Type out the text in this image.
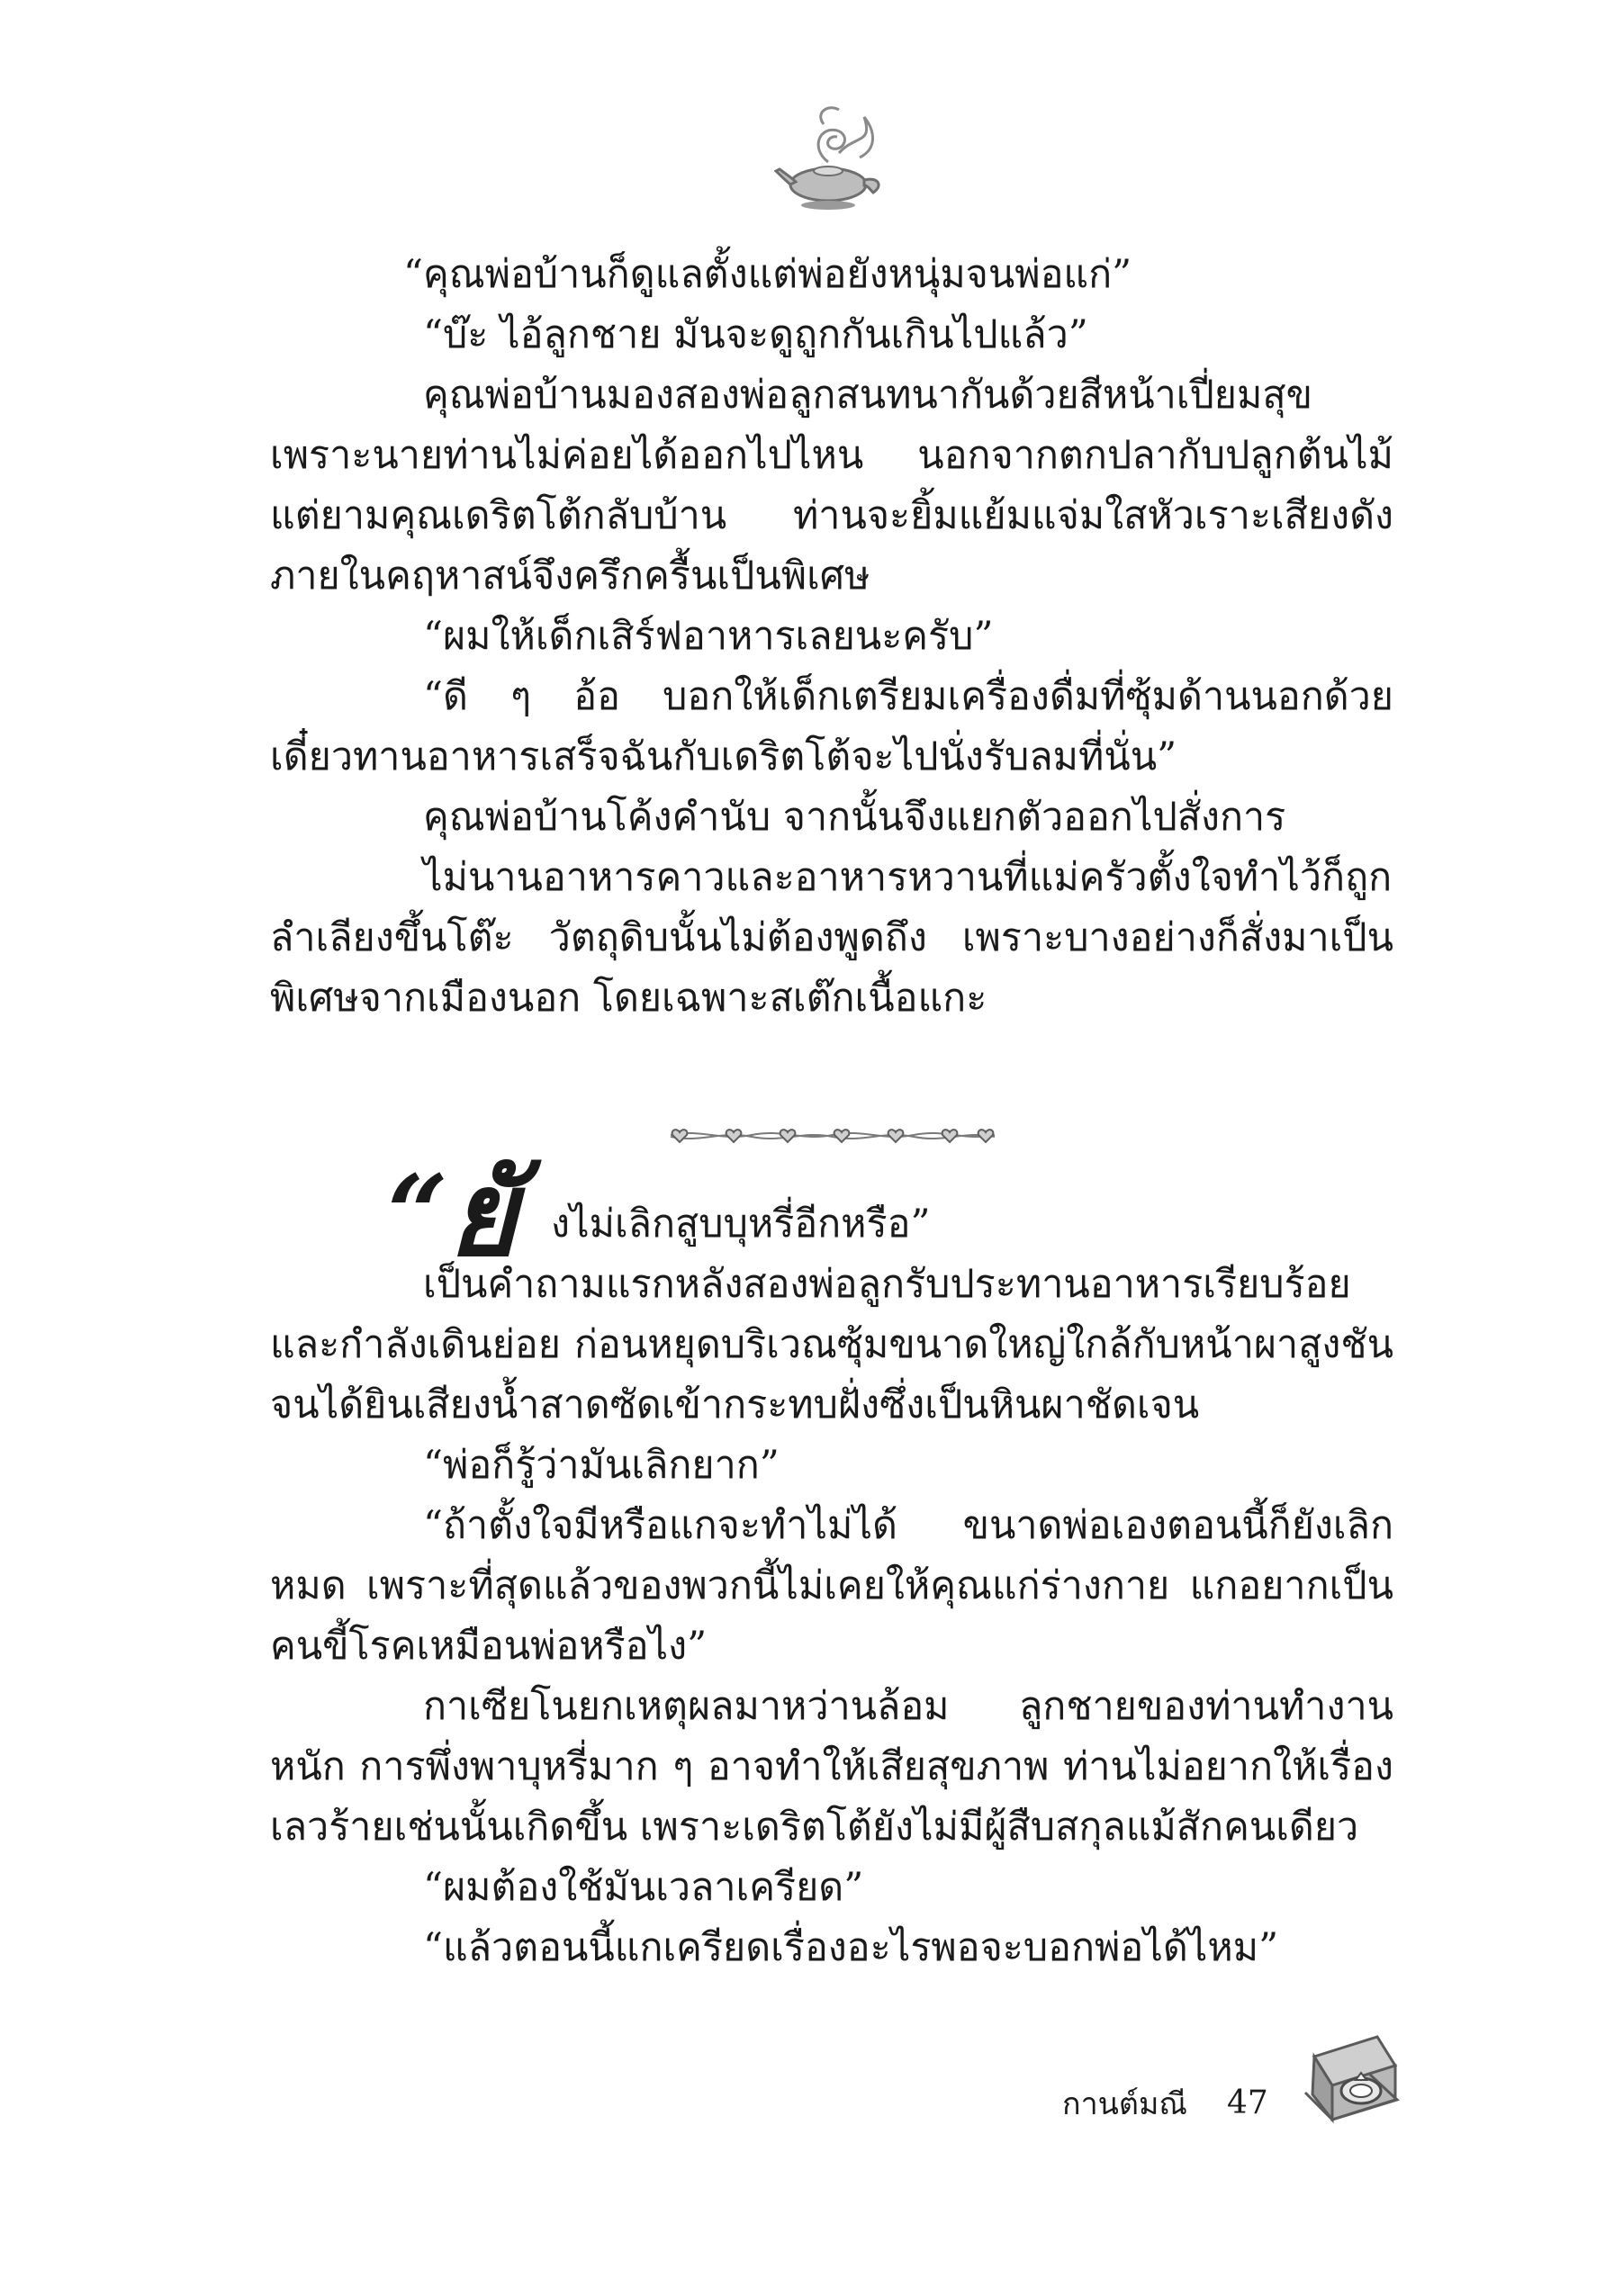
“คุณพ่อบ้านก็ดูแลตั้งแต่พ่อยังหนุ่มจนพ่อแก่”

“บ๊ะ ไอ้ลูกชาย มันจะดูถูกกันเกินไปแล้ว”

คุณพ่อบ้านมองสองพ่อลูกสนทนากันด้วยสีหน้าเปี่ยมสุข เพราะนายท่านไม่ค่อยได้ออกไปไหน นอกจากตกปลากับปลูกต้นไม้ แต่ยามคุณเดริตโต้กลับบ้าน ท่านจะยิ้มแย้มแจ่มใสหัวเราะเสียงดัง ภายในคฤหาสน์จึงครึกครื้นเป็นพิเศษ

“ผมให้เด็กเสิร์ฟอาหารเลยนะครับ”

“ดี ๆ อ้อ บอกให้เด็กเตรียมเครื่องดื่มที่ซุ้มด้านนอกด้วย เดี๋ยวทานอาหารเสร็จฉันกับเดริตโต้จะไปนั่งรับลมที่นั่น”

คุณพ่อบ้านโค้งคำนับ จากนั้นจึงแยกตัวออกไปสั่งการ

ไม่นานอาหารคาวและอาหารหวานที่แม่ครัวตั้งใจทำไว้ก็ถูกลำเลียงขึ้นโต๊ะ วัตถุดิบนั้นไม่ต้องพูดถึง เพราะบางอย่างก็สั่งมาเป็นพิเศษจากเมืองนอก โดยเฉพาะสเต๊กเนื้อแกะ

“ ยั งไม่เลิกสูบบุหรี่อีกหรือ”

เป็นคำถามแรกหลังสองพ่อลูกรับประทานอาหารเรียบร้อยและกำลังเดินย่อย ก่อนหยุดบริเวณซุ้มขนาดใหญ่ใกล้กับหน้าผาสูงชัน จนได้ยินเสียงน้ำสาดซัดเข้ากระทบฝั่งซึ่งเป็นหินผาชัดเจน

“พ่อก็รู้ว่ามันเลิกยาก”

“ถ้าตั้งใจมีหรือแกจะทำไม่ได้ ขนาดพ่อเองตอนนี้ก็ยังเลิกหมด เพราะที่สุดแล้วของพวกนี้ไม่เคยให้คุณแก่ร่างกาย แกอยากเป็นคนขี้โรคเหมือนพ่อหรือไง”

กาเซียโนยกเหตุผลมาหว่านล้อม ลูกชายของท่านทำงานหนัก การพึ่งพาบุหรี่มาก ๆ อาจทำให้เสียสุขภาพ ท่านไม่อยากให้เรื่องเลวร้ายเช่นนั้นเกิดขึ้น เพราะเดริตโต้ยังไม่มีผู้สืบสกุลแม้สักคนเดียว

“ผมต้องใช้มันเวลาเครียด”

“แล้วตอนนี้แกเครียดเรื่องอะไรพอจะบอกพ่อได้ไหม”

กานต์มณี 47
